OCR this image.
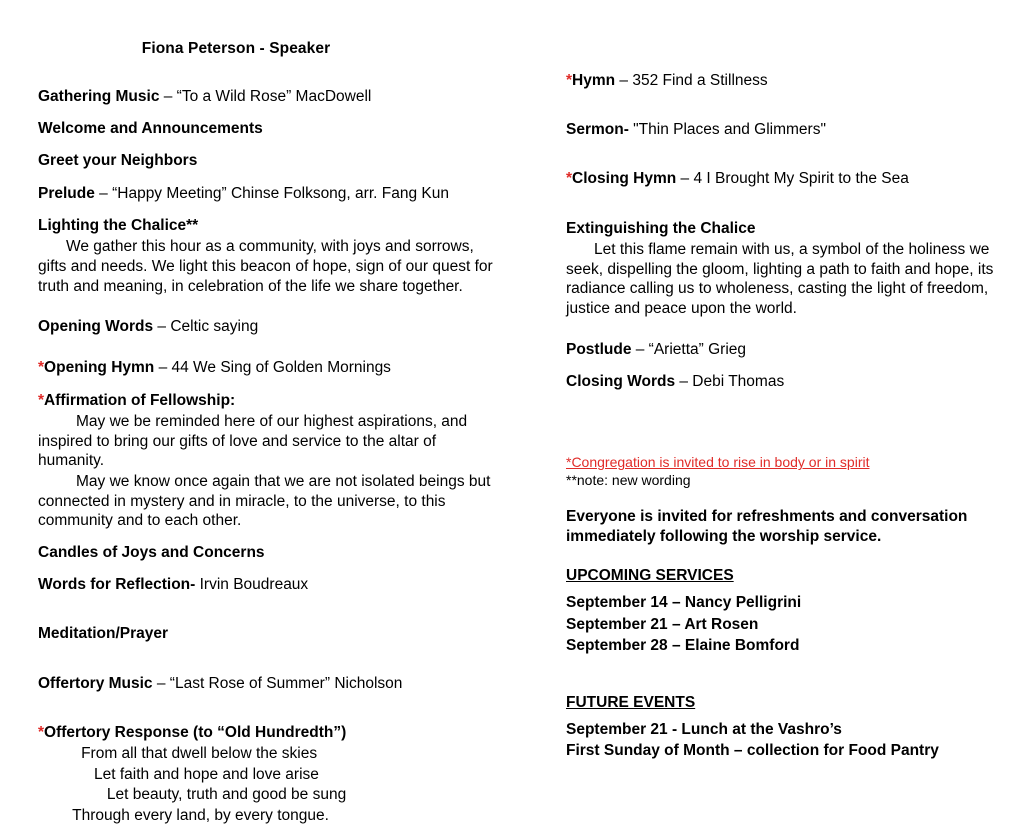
Fiona Peterson - Speaker
Gathering Music – “To a Wild Rose” MacDowell
Welcome and Announcements
Greet your Neighbors
Prelude – “Happy Meeting” Chinse Folksong, arr. Fang Kun
Lighting the Chalice**
We gather this hour as a community, with joys and sorrows, gifts and needs. We light this beacon of hope, sign of our quest for truth and meaning, in celebration of the life we share together.
Opening Words – Celtic saying
*Opening Hymn – 44 We Sing of Golden Mornings
*Affirmation of Fellowship:
May we be reminded here of our highest aspirations, and inspired to bring our gifts of love and service to the altar of humanity.
May we know once again that we are not isolated beings but connected in mystery and in miracle, to the universe, to this community and to each other.
Candles of Joys and Concerns
Words for Reflection- Irvin Boudreaux
Meditation/Prayer
Offertory Music – “Last Rose of Summer” Nicholson
*Offertory Response (to “Old Hundredth”)
From all that dwell below the skies
Let faith and hope and love arise
Let beauty, truth and good be sung
Through every land, by every tongue.
*Hymn – 352 Find a Stillness
Sermon- "Thin Places and Glimmers"
*Closing Hymn – 4 I Brought My Spirit to the Sea
Extinguishing the Chalice
Let this flame remain with us, a symbol of the holiness we seek, dispelling the gloom, lighting a path to faith and hope, its radiance calling us to wholeness, casting the light of freedom, justice and peace upon the world.
Postlude – “Arietta” Grieg
Closing Words – Debi Thomas
*Congregation is invited to rise in body or in spirit
**note: new wording
Everyone is invited for refreshments and conversation immediately following the worship service.
UPCOMING SERVICES
September 14 – Nancy Pelligrini
September 21 – Art Rosen
September 28 – Elaine Bomford
FUTURE EVENTS
September 21 - Lunch at the Vashro’s
First Sunday of Month – collection for Food Pantry
